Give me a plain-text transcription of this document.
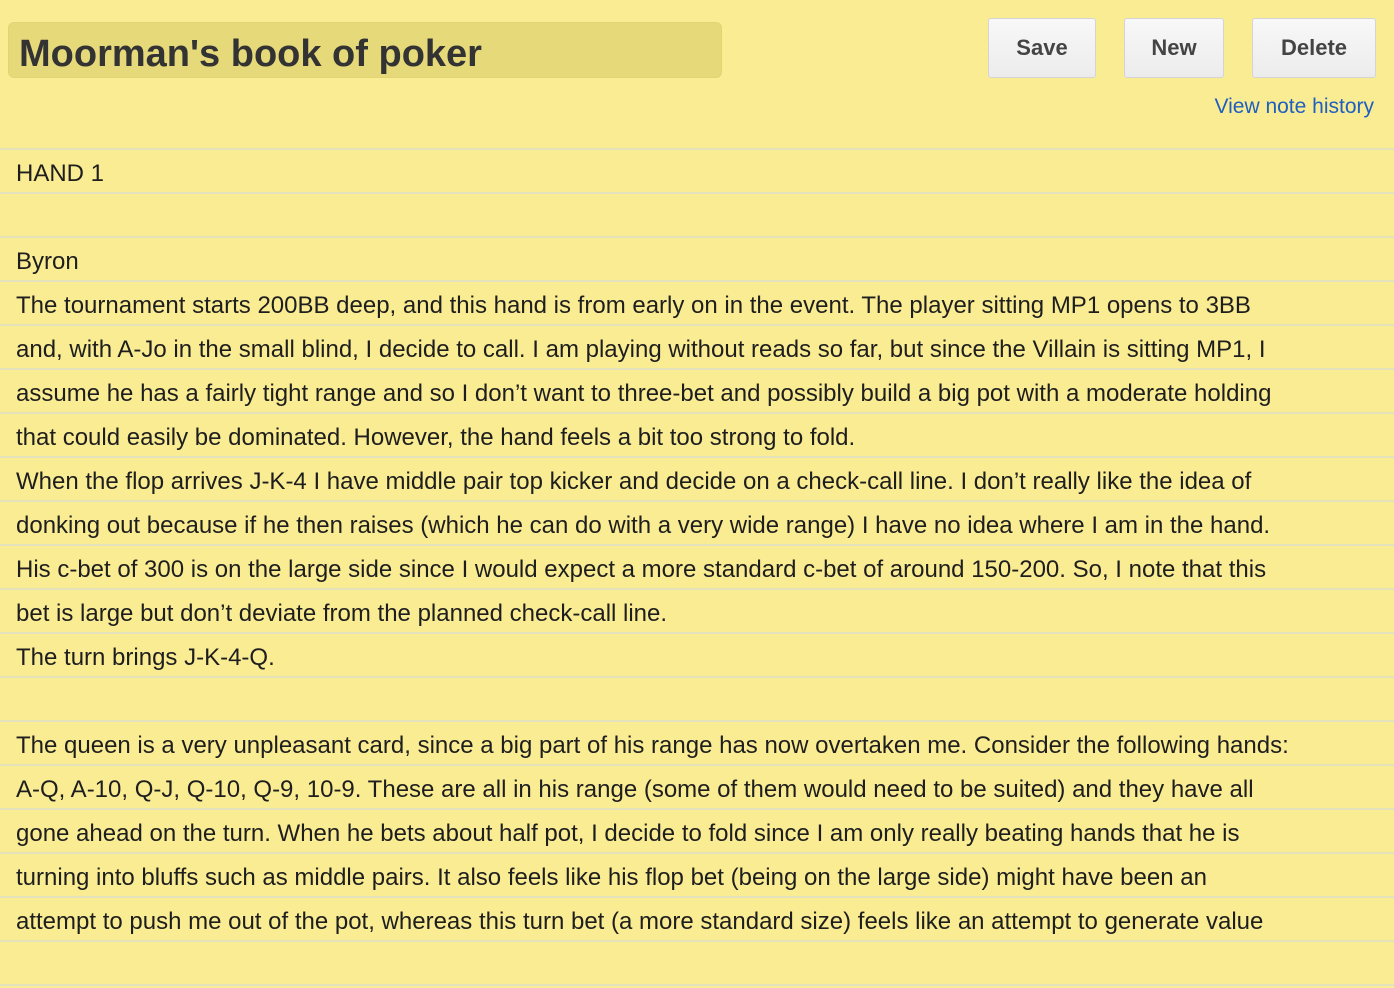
Moorman's book of poker	Save	New	Delete
View note history
HAND 1
Byron
The tournament starts 200BB deep, and this hand is from early on in the event. The player sitting MP1 opens to 3BB
and, with A-Jo in the small blind, I decide to call. I am playing without reads so far, but since the Villain is sitting MP1, I
assume he has a fairly tight range and so I don’t want to three-bet and possibly build a big pot with a moderate holding
that could easily be dominated. However, the hand feels a bit too strong to fold.
When the flop arrives J-K-4 I have middle pair top kicker and decide on a check-call line. I don’t really like the idea of
donking out because if he then raises (which he can do with a very wide range) I have no idea where I am in the hand.
His c-bet of 300 is on the large side since I would expect a more standard c-bet of around 150-200. So, I note that this
bet is large but don’t deviate from the planned check-call line.
The turn brings J-K-4-Q.
The queen is a very unpleasant card, since a big part of his range has now overtaken me. Consider the following hands:
A-Q, A-10, Q-J, Q-10, Q-9, 10-9. These are all in his range (some of them would need to be suited) and they have all
gone ahead on the turn. When he bets about half pot, I decide to fold since I am only really beating hands that he is
turning into bluffs such as middle pairs. It also feels like his flop bet (being on the large side) might have been an
attempt to push me out of the pot, whereas this turn bet (a more standard size) feels like an attempt to generate value
